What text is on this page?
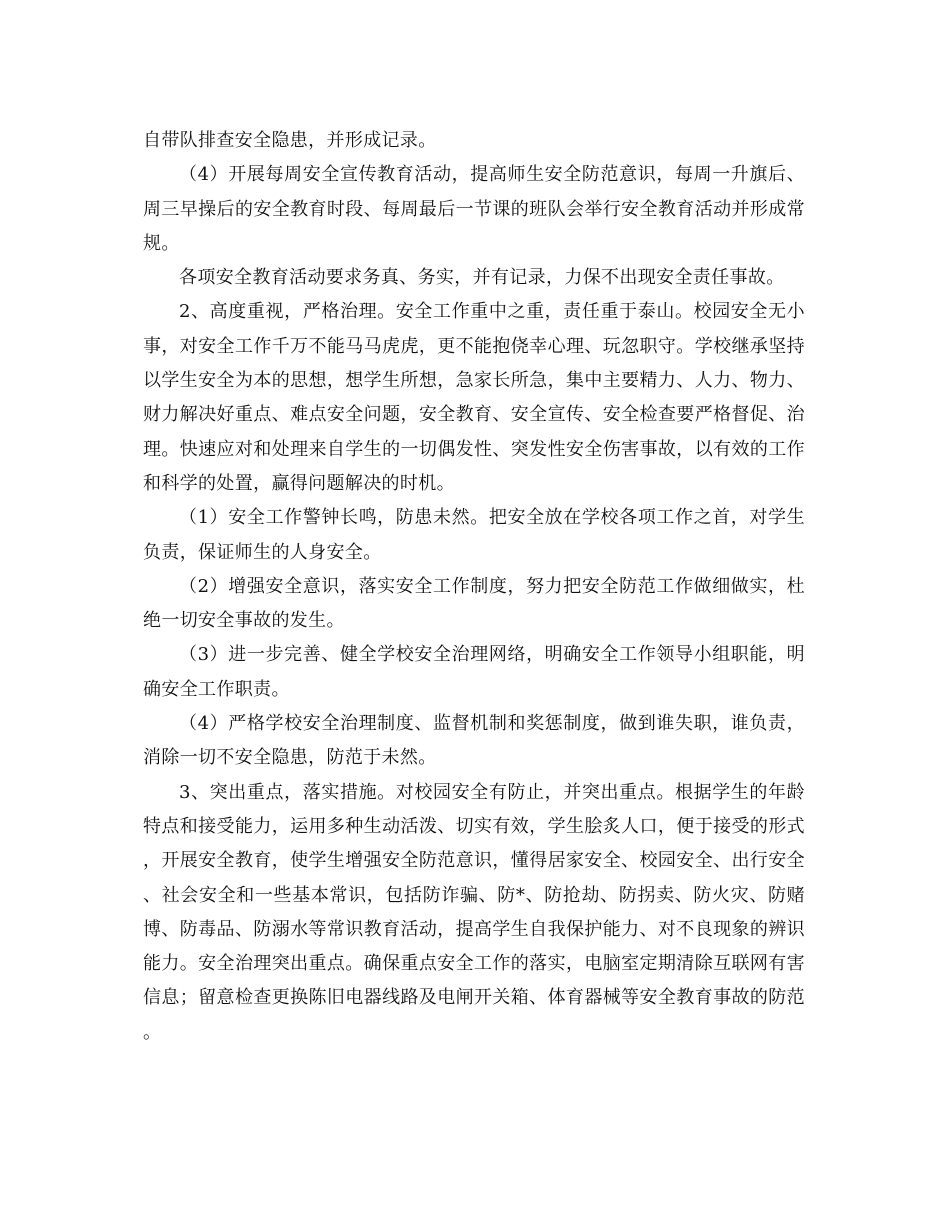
自带队排查安全隐患，并形成记录。

（4）开展每周安全宣传教育活动，提高师生安全防范意识，每周一升旗后、周三早操后的安全教育时段、每周最后一节课的班队会举行安全教育活动并形成常规。

各项安全教育活动要求务真、务实，并有记录，力保不出现安全责任事故。

2、高度重视，严格治理。安全工作重中之重，责任重于泰山。校园安全无小事，对安全工作千万不能马马虎虎，更不能抱侥幸心理、玩忽职守。学校继承坚持以学生安全为本的思想，想学生所想，急家长所急，集中主要精力、人力、物力、财力解决好重点、难点安全问题，安全教育、安全宣传、安全检查要严格督促、治理。快速应对和处理来自学生的一切偶发性、突发性安全伤害事故，以有效的工作和科学的处置，赢得问题解决的时机。

（1）安全工作警钟长鸣，防患未然。把安全放在学校各项工作之首，对学生负责，保证师生的人身安全。

（2）增强安全意识，落实安全工作制度，努力把安全防范工作做细做实，杜绝一切安全事故的发生。

（3）进一步完善、健全学校安全治理网络，明确安全工作领导小组职能，明确安全工作职责。

（4）严格学校安全治理制度、监督机制和奖惩制度，做到谁失职，谁负责，消除一切不安全隐患，防范于未然。

3、突出重点，落实措施。对校园安全有防止，并突出重点。根据学生的年龄特点和接受能力，运用多种生动活泼、切实有效，学生脍炙人口，便于接受的形式，开展安全教育，使学生增强安全防范意识，懂得居家安全、校园安全、出行安全、社会安全和一些基本常识，包括防诈骗、防*、防抢劫、防拐卖、防火灾、防赌博、防毒品、防溺水等常识教育活动，提高学生自我保护能力、对不良现象的辨识能力。安全治理突出重点。确保重点安全工作的落实，电脑室定期清除互联网有害信息；留意检查更换陈旧电器线路及电闸开关箱、体育器械等安全教育事故的防范。
